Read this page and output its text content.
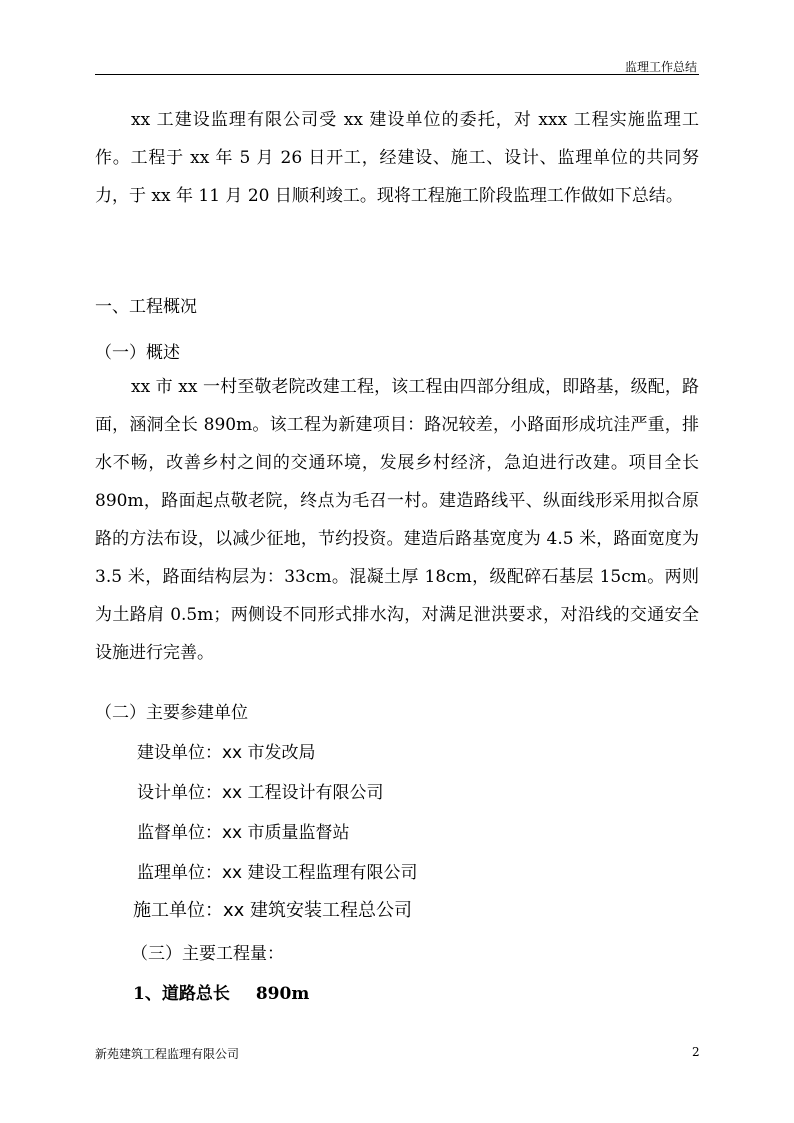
监理工作总结

xx 工建设监理有限公司受 xx 建设单位的委托，对 xxx 工程实施监理工作。工程于 xx 年 5 月 26 日开工，经建设、施工、设计、监理单位的共同努力，于 xx 年 11 月 20 日顺利竣工。现将工程施工阶段监理工作做如下总结。

一、工程概况
（一）概述

xx 市 xx 一村至敬老院改建工程，该工程由四部分组成，即路基，级配，路面，涵洞全长 890m。该工程为新建项目：路况较差，小路面形成坑洼严重，排水不畅，改善乡村之间的交通环境，发展乡村经济，急迫进行改建。项目全长 890m，路面起点敬老院，终点为毛召一村。建造路线平、纵面线形采用拟合原路的方法布设，以减少征地，节约投资。建造后路基宽度为 4.5 米，路面宽度为 3.5 米，路面结构层为：33cm。混凝土厚 18cm，级配碎石基层 15cm。两则为土路肩 0.5m；两侧设不同形式排水沟，对满足泄洪要求，对沿线的交通安全设施进行完善。

（二）主要参建单位
建设单位：xx 市发改局
设计单位：xx 工程设计有限公司
监督单位：xx 市质量监督站
监理单位：xx 建设工程监理有限公司
施工单位：xx 建筑安装工程总公司
（三）主要工程量：
1、道路总长 890m
新苑建筑工程监理有限公司	2
